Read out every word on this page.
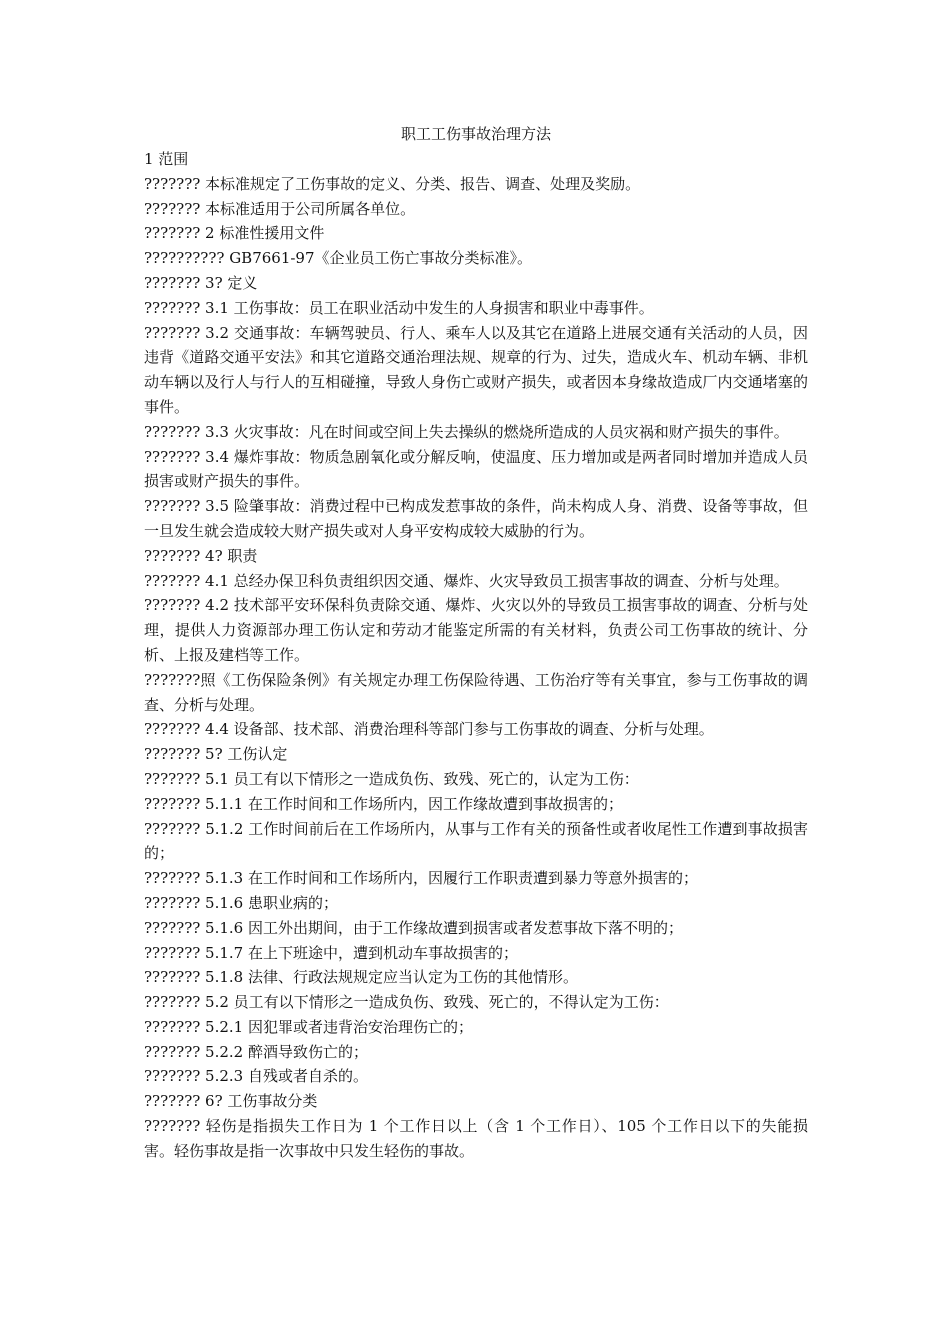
职工工伤事故治理方法

1 范围

??????? 本标准规定了工伤事故的定义、分类、报告、调查、处理及奖励。

??????? 本标准适用于公司所属各单位。

??????? 2 标准性援用文件

?????????? GB7661-97《企业员工伤亡事故分类标准》。

??????? 3? 定义

??????? 3.1 工伤事故：员工在职业活动中发生的人身损害和职业中毒事件。

??????? 3.2 交通事故：车辆驾驶员、行人、乘车人以及其它在道路上进展交通有关活动的人员，因违背《道路交通平安法》和其它道路交通治理法规、规章的行为、过失，造成火车、机动车辆、非机动车辆以及行人与行人的互相碰撞，导致人身伤亡或财产损失，或者因本身缘故造成厂内交通堵塞的事件。

??????? 3.3 火灾事故：凡在时间或空间上失去操纵的燃烧所造成的人员灾祸和财产损失的事件。

??????? 3.4 爆炸事故：物质急剧氧化或分解反响，使温度、压力增加或是两者同时增加并造成人员损害或财产损失的事件。

??????? 3.5 险肇事故：消费过程中已构成发惹事故的条件，尚未构成人身、消费、设备等事故，但一旦发生就会造成较大财产损失或对人身平安构成较大威胁的行为。

??????? 4? 职责

??????? 4.1 总经办保卫科负责组织因交通、爆炸、火灾导致员工损害事故的调查、分析与处理。

??????? 4.2 技术部平安环保科负责除交通、爆炸、火灾以外的导致员工损害事故的调查、分析与处理，提供人力资源部办理工伤认定和劳动才能鉴定所需的有关材料，负责公司工伤事故的统计、分析、上报及建档等工作。

???????照《工伤保险条例》有关规定办理工伤保险待遇、工伤治疗等有关事宜，参与工伤事故的调查、分析与处理。

??????? 4.4 设备部、技术部、消费治理科等部门参与工伤事故的调查、分析与处理。

??????? 5? 工伤认定

??????? 5.1 员工有以下情形之一造成负伤、致残、死亡的，认定为工伤：

??????? 5.1.1 在工作时间和工作场所内，因工作缘故遭到事故损害的；

??????? 5.1.2 工作时间前后在工作场所内，从事与工作有关的预备性或者收尾性工作遭到事故损害的；

??????? 5.1.3 在工作时间和工作场所内，因履行工作职责遭到暴力等意外损害的；

??????? 5.1.6 患职业病的；

??????? 5.1.6 因工外出期间，由于工作缘故遭到损害或者发惹事故下落不明的；

??????? 5.1.7 在上下班途中，遭到机动车事故损害的；

??????? 5.1.8 法律、行政法规规定应当认定为工伤的其他情形。

??????? 5.2 员工有以下情形之一造成负伤、致残、死亡的，不得认定为工伤：

??????? 5.2.1 因犯罪或者违背治安治理伤亡的；

??????? 5.2.2 醉酒导致伤亡的；

??????? 5.2.3 自残或者自杀的。

??????? 6? 工伤事故分类

??????? 轻伤是指损失工作日为 1 个工作日以上（含 1 个工作日）、105 个工作日以下的失能损害。轻伤事故是指一次事故中只发生轻伤的事故。
